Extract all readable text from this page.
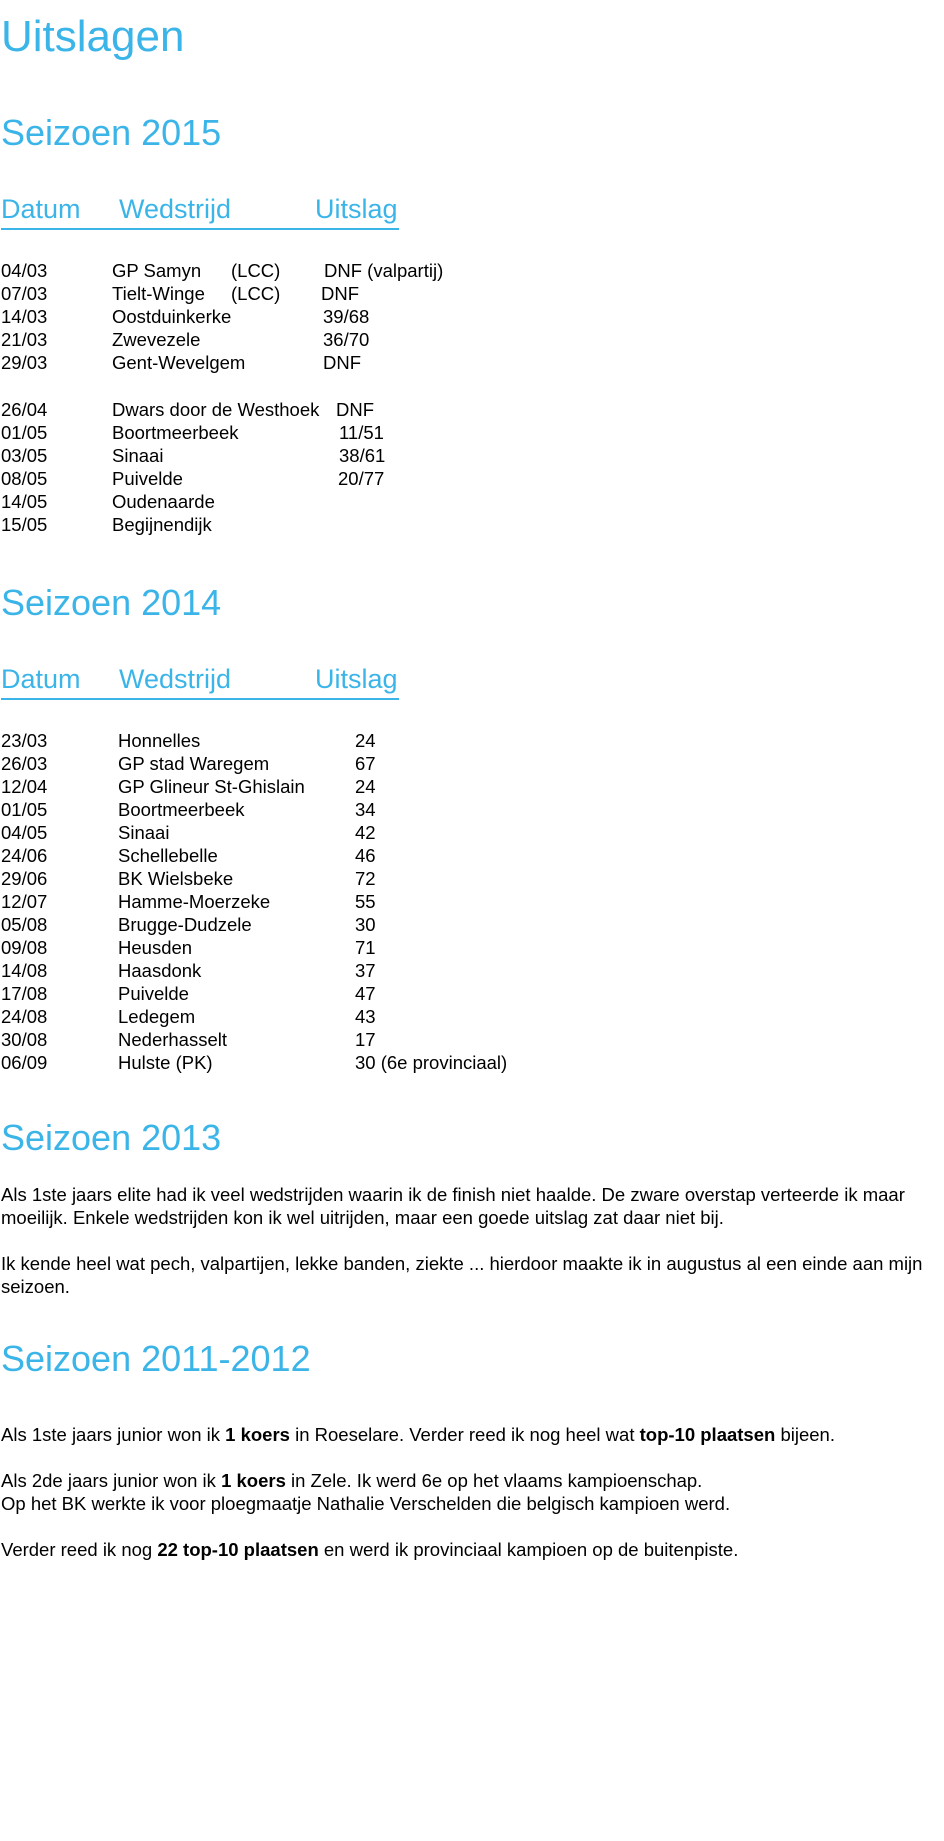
Uitslagen
Seizoen 2015
Datum Wedstrijd	Uitslag
04/03	GP Samyn (LCC) DNF (valpartij)
07/03	Tielt-Winge (LCC) DNF
14/03	Oostduinkerke	39/68
21/03	Zwevezele	36/70
29/03	Gent-Wevelgem	DNF
26/04	Dwars door de Westhoek DNF
01/05	Boortmeerbeek	11/51
03/05	Sinaai	38/61
08/05	Puivelde	20/77
14/05	Oudenaarde
15/05	Begijnendijk
Seizoen 2014
Datum Wedstrijd	Uitslag
23/03	Honnelles	24
26/03	GP stad Waregem	67
12/04	GP Glineur St-Ghislain	24
01/05	Boortmeerbeek	34
04/05	Sinaai	42
24/06	Schellebelle	46
29/06	BK Wielsbeke	72
12/07	Hamme-Moerzeke	55
05/08	Brugge-Dudzele	30
09/08	Heusden	71
14/08	Haasdonk	37
17/08	Puivelde	47
24/08	Ledegem	43
30/08	Nederhasselt	17
06/09	Hulste (PK)	30 (6e provinciaal)
Seizoen 2013

Als 1ste jaars elite had ik veel wedstrijden waarin ik de finish niet haalde. De zware overstap verteerde ik maar moeilijk. Enkele wedstrijden kon ik wel uitrijden, maar een goede uitslag zat daar niet bij.

Ik kende heel wat pech, valpartijen, lekke banden, ziekte ... hierdoor maakte ik in augustus al een einde aan mijn seizoen.

Seizoen 2011-2012

Als 1ste jaars junior won ik 1 koers in Roeselare. Verder reed ik nog heel wat top-10 plaatsen bijeen.

Als 2de jaars junior won ik 1 koers in Zele. Ik werd 6e op het vlaams kampioenschap.
Op het BK werkte ik voor ploegmaatje Nathalie Verschelden die belgisch kampioen werd.

Verder reed ik nog 22 top-10 plaatsen en werd ik provinciaal kampioen op de buitenpiste.
